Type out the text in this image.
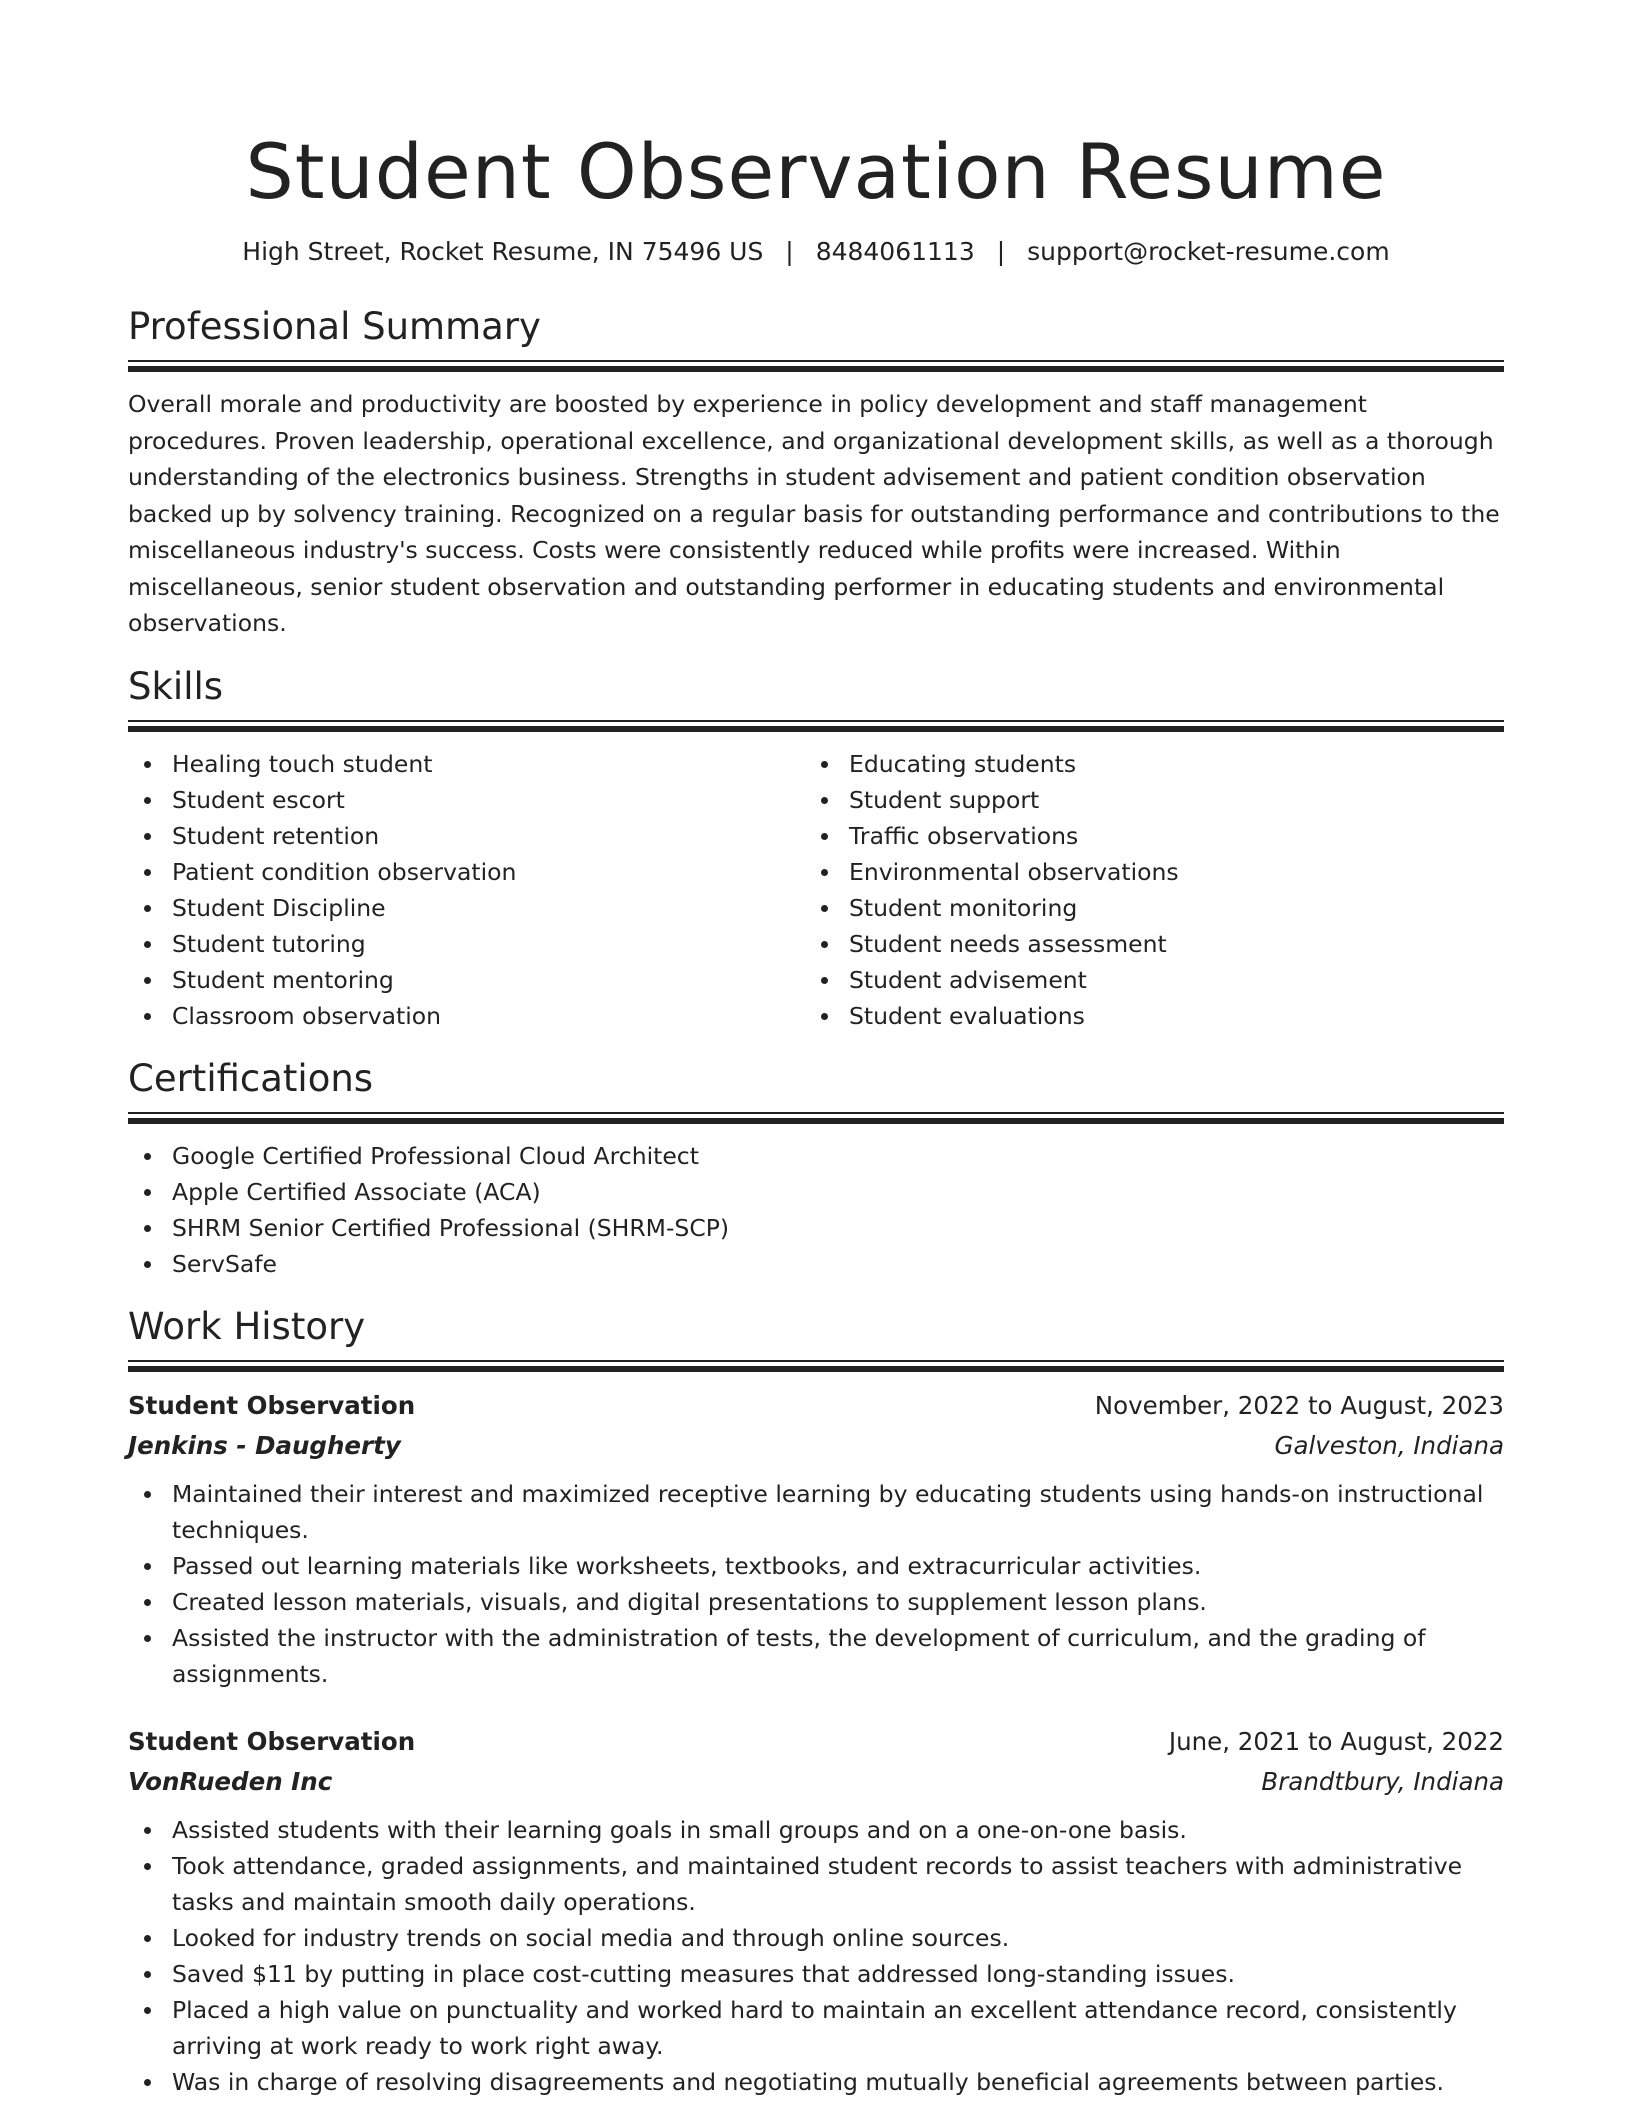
Student Observation Resume
High Street, Rocket Resume, IN 75496 US | 8484061113 | support@rocket-resume.com
Professional Summary

Overall morale and productivity are boosted by experience in policy development and staff management procedures. Proven leadership, operational excellence, and organizational development skills, as well as a thorough understanding of the electronics business. Strengths in student advisement and patient condition observation backed up by solvency training. Recognized on a regular basis for outstanding performance and contributions to the miscellaneous industry's success. Costs were consistently reduced while profits were increased. Within miscellaneous, senior student observation and outstanding performer in educating students and environmental observations.

Skills
Healing touch student
Student escort
Student retention
Patient condition observation
Student Discipline
Student tutoring
Student mentoring
Classroom observation
Educating students
Student support
Traffic observations
Environmental observations
Student monitoring
Student needs assessment
Student advisement
Student evaluations
Certifications
Google Certified Professional Cloud Architect
Apple Certified Associate (ACA)
SHRM Senior Certified Professional (SHRM-SCP)
ServSafe
Work History
Student Observation	November, 2022 to August, 2023
Jenkins - Daugherty	Galveston, Indiana
Maintained their interest and maximized receptive learning by educating students using hands-on instructional techniques.
Passed out learning materials like worksheets, textbooks, and extracurricular activities.
Created lesson materials, visuals, and digital presentations to supplement lesson plans.
Assisted the instructor with the administration of tests, the development of curriculum, and the grading of assignments.
Student Observation	June, 2021 to August, 2022
VonRueden Inc	Brandtbury, Indiana
Assisted students with their learning goals in small groups and on a one-on-one basis.
Took attendance, graded assignments, and maintained student records to assist teachers with administrative tasks and maintain smooth daily operations.
Looked for industry trends on social media and through online sources.
Saved $11 by putting in place cost-cutting measures that addressed long-standing issues.
Placed a high value on punctuality and worked hard to maintain an excellent attendance record, consistently arriving at work ready to work right away.
Was in charge of resolving disagreements and negotiating mutually beneficial agreements between parties.
